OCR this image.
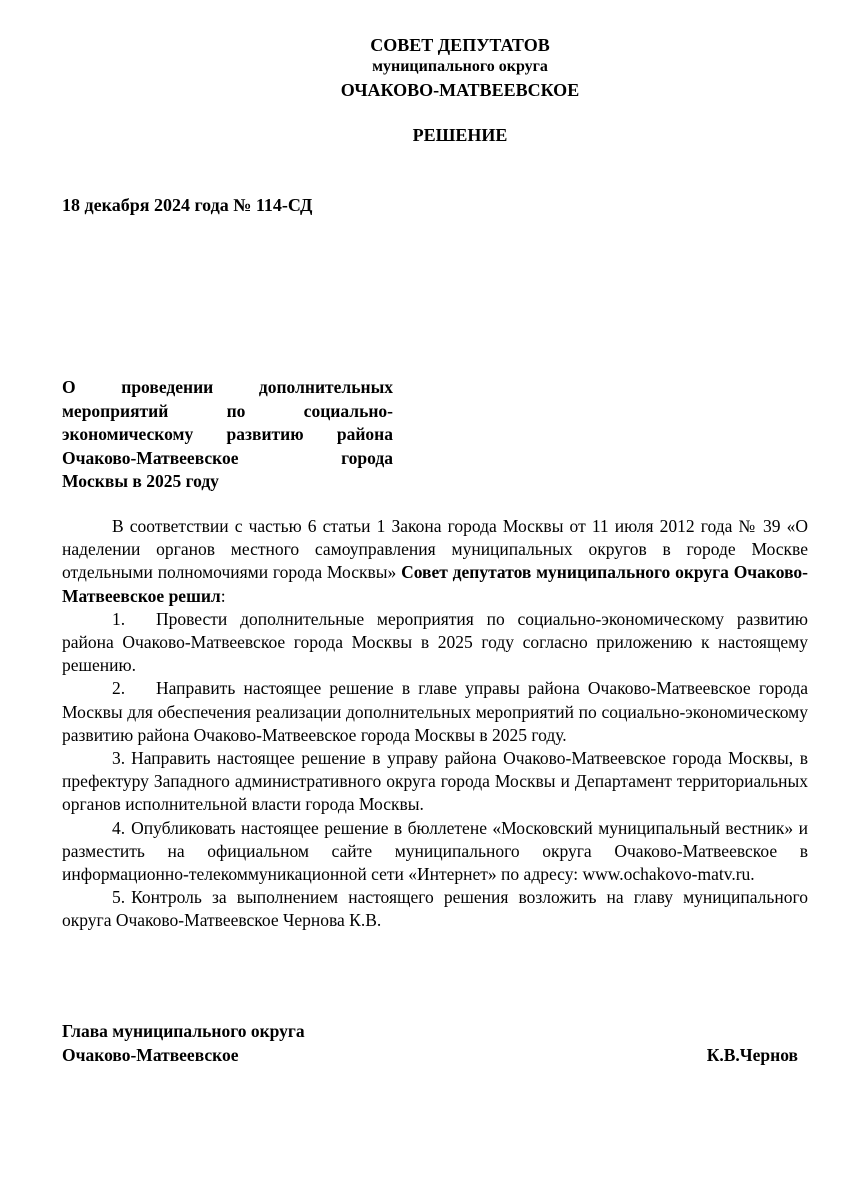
СОВЕТ ДЕПУТАТОВ
муниципального округа
ОЧАКОВО-МАТВЕЕВСКОЕ
РЕШЕНИЕ
18 декабря 2024 года № 114-СД
О проведении дополнительных мероприятий по социально-экономическому развитию района Очаково-Матвеевское города
Москвы в 2025 году

В соответствии с частью 6 статьи 1 Закона города Москвы от 11 июля 2012 года № 39 «О наделении органов местного самоуправления муниципальных округов в городе Москве отдельными полномочиями города Москвы» Совет депутатов муниципального округа Очаково-Матвеевское решил:

1. Провести дополнительные мероприятия по социально-экономическому развитию района Очаково-Матвеевское города Москвы в 2025 году согласно приложению к настоящему решению.

2. Направить настоящее решение в главе управы района Очаково-Матвеевское города Москвы для обеспечения реализации дополнительных мероприятий по социально-экономическому развитию района Очаково-Матвеевское города Москвы в 2025 году.

3. Направить настоящее решение в управу района Очаково-Матвеевское города Москвы, в префектуру Западного административного округа города Москвы и Департамент территориальных органов исполнительной власти города Москвы.

4. Опубликовать настоящее решение в бюллетене «Московский муниципальный вестник» и разместить на официальном сайте муниципального округа Очаково-Матвеевское в информационно-телекоммуникационной сети «Интернет» по адресу: www.ochakovo-matv.ru.

5. Контроль за выполнением настоящего решения возложить на главу муниципального округа Очаково-Матвеевское Чернова К.В.

Глава муниципального округа
Очаково-Матвеевское	К.В.Чернов
